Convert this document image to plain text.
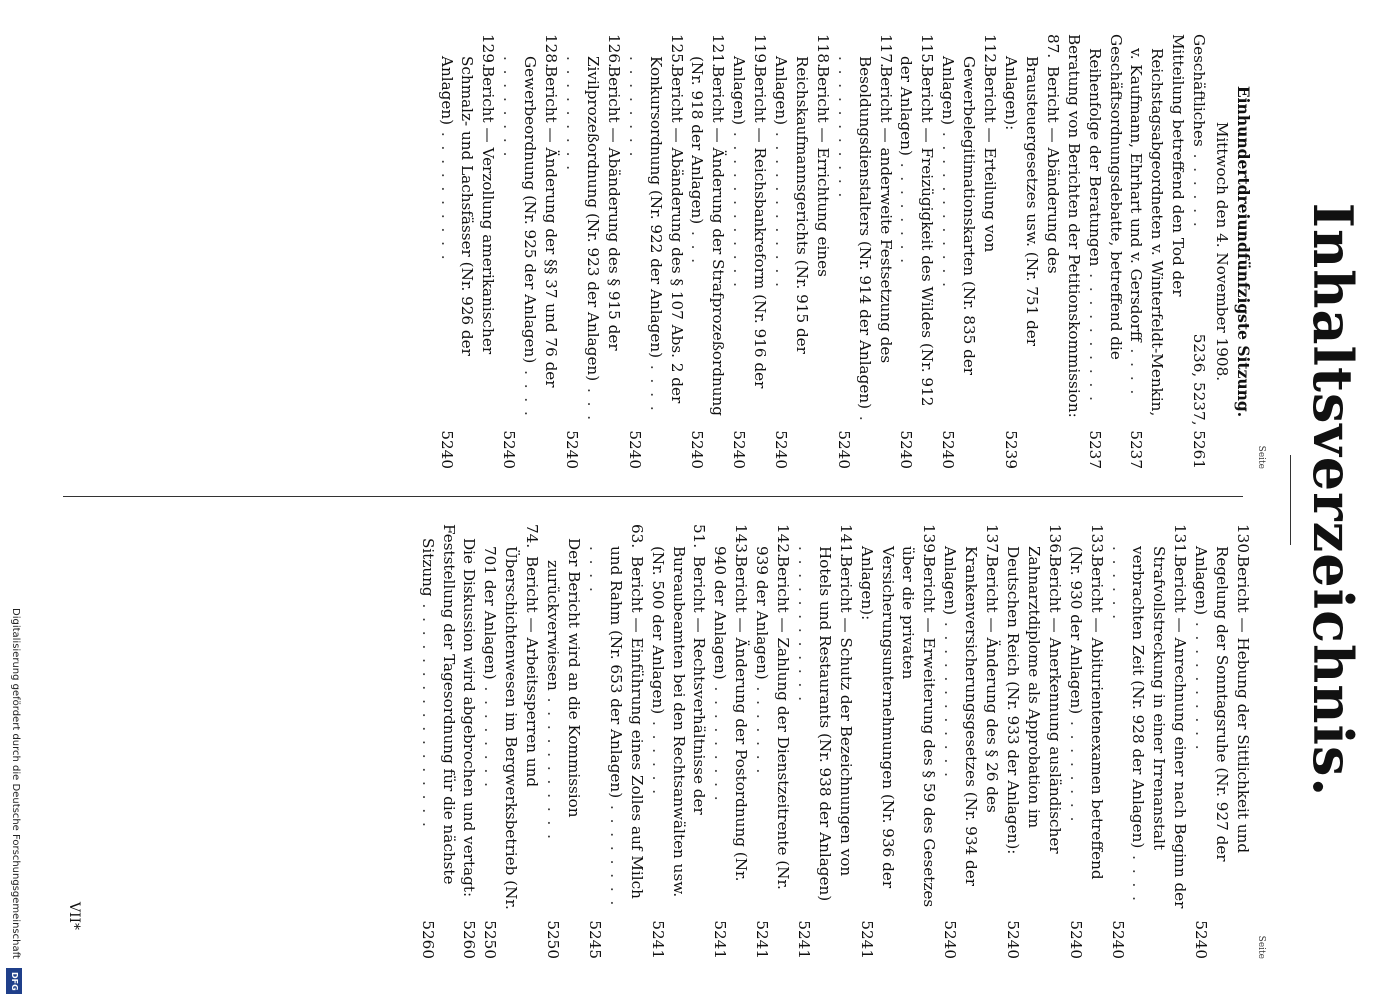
Inhaltsverzeichnis.
Seite
Einhundertdreiundfünfzigste Sitzung.
Mittwoch den 4. November 1908.
Geschäftliches . . . . . .
5236, 5237, 5261
Mitteilung betreffend den Tod der Reichstagsabgeordneten v. Winterfeldt-Menkin, v. Kaufmann, Ehrhart und v. Gersdorff . . . .
5237
Geschäftsordnungsdebatte, betreffend die Reihenfolge der Beratungen . . . . . . . . . .
5237
Beratung von Berichten der Petitionskommission:
87.Bericht — Abänderung des Brausteuergesetzes usw. (Nr. 751 der Anlagen):
5239
112.Bericht — Erteilung von Gewerbelegitimationskarten (Nr. 835 der Anlagen) . . . . . . . . . . . .
5240
115.Bericht — Freizügigkeit des Wildes (Nr. 912 der Anlagen) . . . . . . . .
5240
117.Bericht — anderweite Festsetzung des Besoldungsdienstalters (Nr. 914 der Anlagen) . . . . . . . . . . . .
5240
118.Bericht — Errichtung eines Reichskaufmannsgerichts (Nr. 915 der Anlagen) . . . . . . . . . . . .
5240
119.Bericht — Reichsbankreform (Nr. 916 der Anlagen) . . . . . . . . . . . .
5240
121.Bericht — Änderung der Strafprozeßordnung (Nr. 918 der Anlagen) . . .
5240
125.Bericht — Abänderung des § 107 Abs. 2 der Konkursordnung (Nr. 922 der Anlagen) . . . . . . . . . . . .
5240
126.Bericht — Abänderung des § 915 der Zivilprozeßordnung (Nr. 923 der Anlagen) . . . . . . . . . . . .
5240
128.Bericht — Änderung der §§ 37 und 76 der Gewerbeordnung (Nr. 925 der Anlagen) . . . . . . . . . . . .
5240
129.Bericht — Verzollung amerikanischer Schmalz- und Lachsfässer (Nr. 926 der Anlagen) . . . . . . . . . .
5240
Seite
130.Bericht — Hebung der Sittlichkeit und Regelung der Sonntagsruhe (Nr. 927 der Anlagen) . . . . . . . . . .
5240
131.Bericht — Anrechnung einer nach Beginn der Strafvollstreckung in einer Irrenanstalt verbrachten Zeit (Nr. 928 der Anlagen) . . . . . . . . . .
5240
133.Bericht — Abiturientenexamen betreffend (Nr. 930 der Anlagen) . . . . . . . .
5240
136.Bericht — Anerkennung ausländischer Zahnarztdiplome als Approbation im Deutschen Reich (Nr. 933 der Anlagen):
5240
137.Bericht — Änderung des § 26 des Krankenversicherungsgesetzes (Nr. 934 der Anlagen) . . . . . . . . . . . .
5240
139.Bericht — Erweiterung des § 59 des Gesetzes über die privaten Versicherungsunternehmungen (Nr. 936 der Anlagen):
5241
141.Bericht — Schutz der Bezeichnungen von Hotels und Restaurants (Nr. 938 der Anlagen) . . . . . . . . . . . .
5241
142.Bericht — Zahlung der Dienstzeitrente (Nr. 939 der Anlagen) . . . . . . .
5241
143.Bericht — Änderung der Postordnung (Nr. 940 der Anlagen) . . . . . . . . .
5241
51.Bericht — Rechtsverhältnisse der Bureaubeamten bei den Rechtsanwälten usw. (Nr. 500 der Anlagen) . . . . . .
5241
63.Bericht — Einführung eines Zolles auf Milch und Rahm (Nr. 653 der Anlagen) . . . . . . . . . . . .
5245
Der Bericht wird an die Kommission zurückverwiesen . . . . . . . . . . .
5250
74.Bericht — Arbeitssperren und Überschichtenwesen im Bergwerksbetrieb (Nr. 701 der Anlagen) . . . . . . . .
5250
Die Diskussion wird abgebrochen und vertagt:
5260
Feststellung der Tagesordnung für die nächste Sitzung . . . . . . . . . . . . . . . . .
5260
VII*
Digitalisierung gefördert durch die Deutsche Forschungsgemeinschaft
DFG
